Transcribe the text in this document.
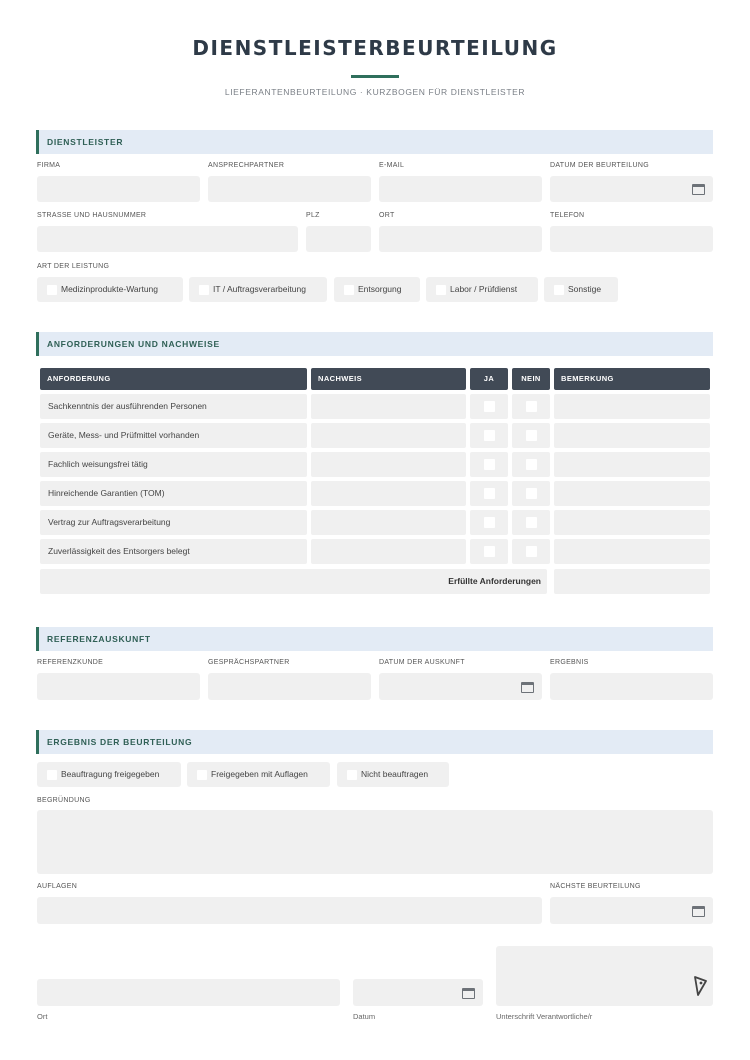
DIENSTLEISTERBEURTEILUNG
LIEFERANTENBEURTEILUNG · KURZBOGEN FÜR DIENSTLEISTER
DIENSTLEISTER
FIRMA	ANSPRECHPARTNER	E-MAIL	DATUM DER BEURTEILUNG
STRASSE UND HAUSNUMMER	PLZ	ORT	TELEFON
ART DER LEISTUNG
Medizinprodukte-Wartung	IT / Auftragsverarbeitung	Entsorgung	Labor / Prüfdienst	Sonstige
ANFORDERUNGEN UND NACHWEISE
ANFORDERUNG	NACHWEIS	JA	NEIN	BEMERKUNG
Sachkenntnis der ausführenden Personen
Geräte, Mess- und Prüfmittel vorhanden
Fachlich weisungsfrei tätig
Hinreichende Garantien (TOM)
Vertrag zur Auftragsverarbeitung
Zuverlässigkeit des Entsorgers belegt
Erfüllte Anforderungen
REFERENZAUSKUNFT
REFERENZKUNDE	GESPRÄCHSPARTNER	DATUM DER AUSKUNFT	ERGEBNIS
ERGEBNIS DER BEURTEILUNG
Beauftragung freigegeben	Freigegeben mit Auflagen	Nicht beauftragen
BEGRÜNDUNG
AUFLAGEN	NÄCHSTE BEURTEILUNG
Ort	Datum	Unterschrift Verantwortliche/r
